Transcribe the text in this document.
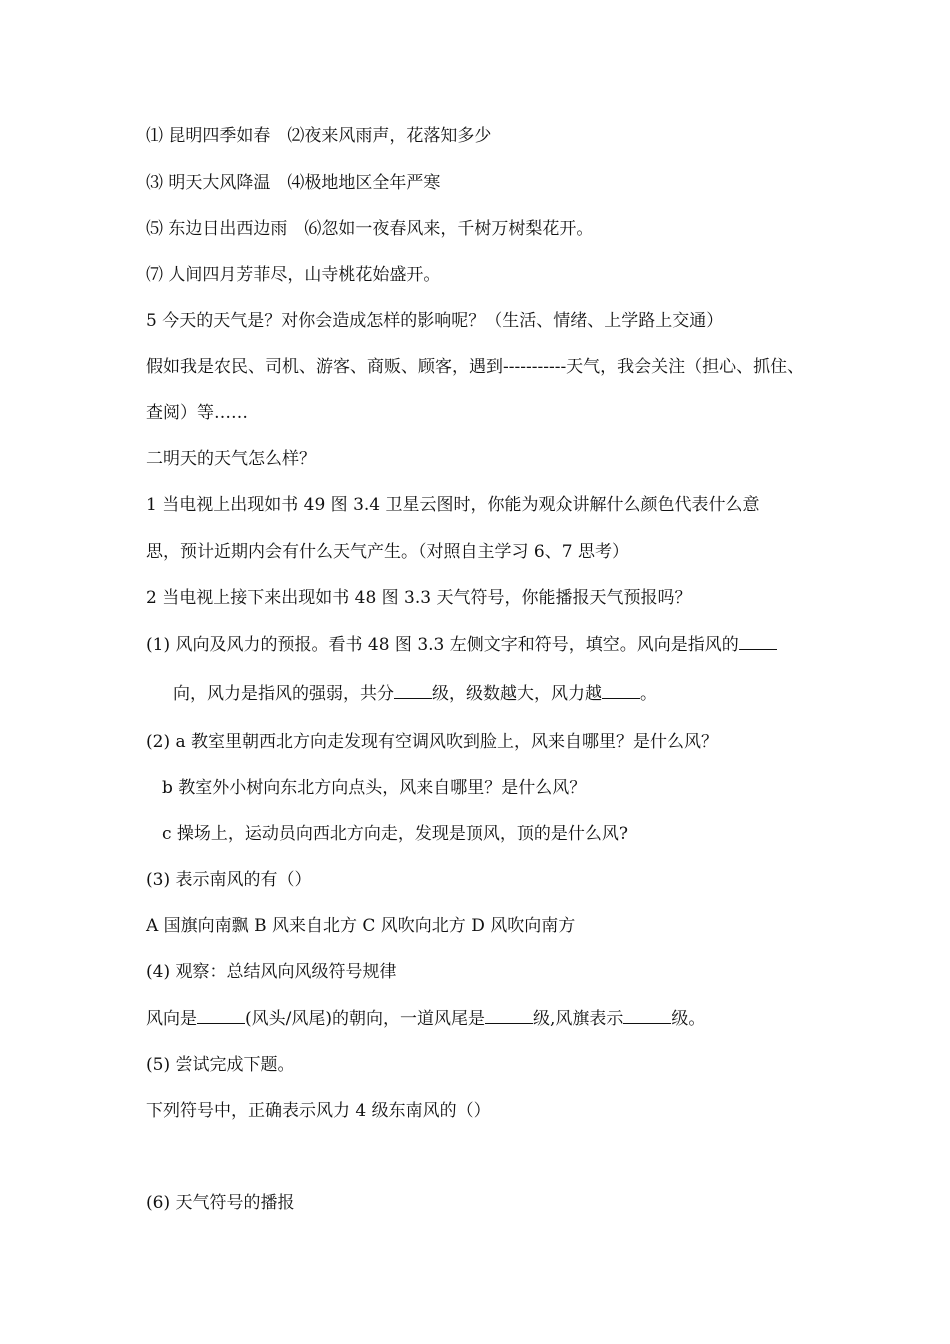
⑴ 昆明四季如春　⑵夜来风雨声，花落知多少
⑶ 明天大风降温　⑷极地地区全年严寒
⑸ 东边日出西边雨　⑹忽如一夜春风来，千树万树梨花开。
⑺ 人间四月芳菲尽，山寺桃花始盛开。
5 今天的天气是？对你会造成怎样的影响呢？（生活、情绪、上学路上交通）
假如我是农民、司机、游客、商贩、顾客，遇到-----------天气，我会关注（担心、抓住、
查阅）等……
二明天的天气怎么样？
1 当电视上出现如书 49 图 3.4 卫星云图时，你能为观众讲解什么颜色代表什么意
思，预计近期内会有什么天气产生。（对照自主学习 6、7 思考）
2 当电视上接下来出现如书 48 图 3.3 天气符号，你能播报天气预报吗？
(1) 风向及风力的预报。看书 48 图 3.3 左侧文字和符号，填空。风向是指风的
向，风力是指风的强弱，共分 级，级数越大，风力越 。
(2) a 教室里朝西北方向走发现有空调风吹到脸上，风来自哪里？是什么风？
b 教室外小树向东北方向点头，风来自哪里？是什么风？
c 操场上，运动员向西北方向走，发现是顶风，顶的是什么风?
(3) 表示南风的有（）
A 国旗向南飘 B 风来自北方 C 风吹向北方 D 风吹向南方
(4) 观察：总结风向风级符号规律
风向是	(风头/风尾)的朝向，一道风尾是	级,风旗表示	级。
(5) 尝试完成下题。
下列符号中，正确表示风力 4 级东南风的（）
(6) 天气符号的播报
